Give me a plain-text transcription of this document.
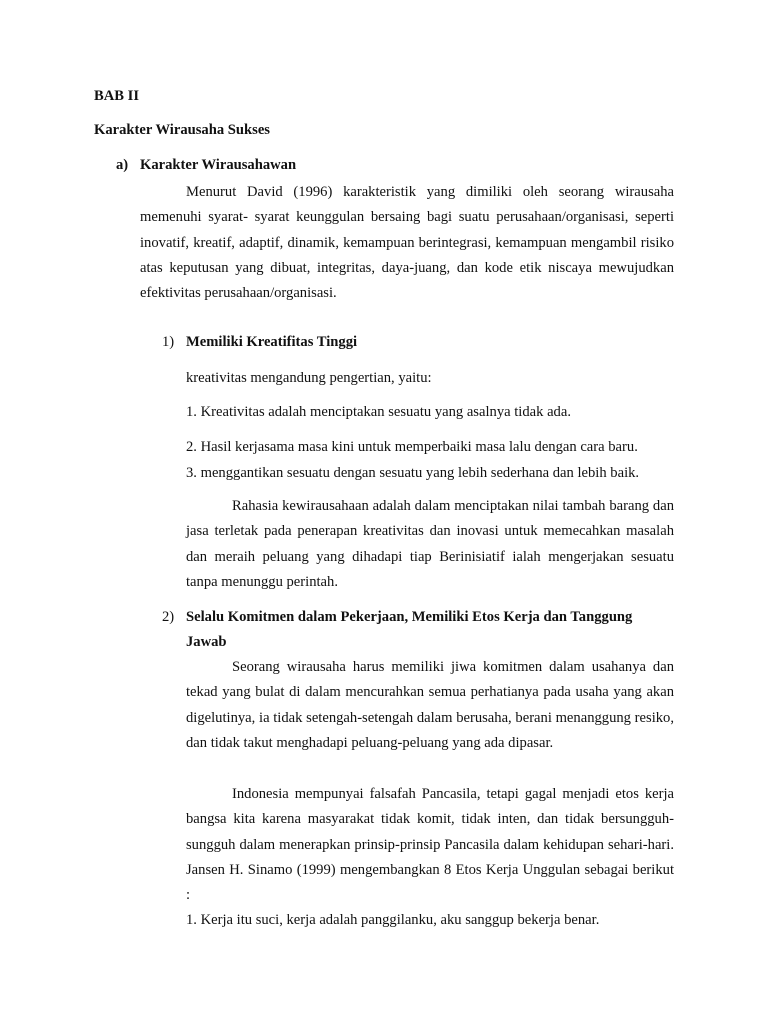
BAB II
Karakter Wirausaha Sukses
a) Karakter Wirausahawan
Menurut David (1996) karakteristik yang dimiliki oleh seorang wirausaha memenuhi syarat- syarat keunggulan bersaing bagi suatu perusahaan/organisasi, seperti inovatif, kreatif, adaptif, dinamik, kemampuan berintegrasi, kemampuan mengambil risiko atas keputusan yang dibuat, integritas, daya-juang, dan kode etik niscaya mewujudkan efektivitas perusahaan/organisasi.
1) Memiliki Kreatifitas Tinggi
kreativitas mengandung pengertian, yaitu:
1. Kreativitas adalah menciptakan sesuatu yang asalnya tidak ada.
2. Hasil kerjasama masa kini untuk memperbaiki masa lalu dengan cara baru.
3. menggantikan sesuatu dengan sesuatu yang lebih sederhana dan lebih baik.
Rahasia kewirausahaan adalah dalam menciptakan nilai tambah barang dan jasa terletak pada penerapan kreativitas dan inovasi untuk memecahkan masalah dan meraih peluang yang dihadapi tiap Berinisiatif ialah mengerjakan sesuatu tanpa menunggu perintah.
2) Selalu Komitmen dalam Pekerjaan, Memiliki Etos Kerja dan Tanggung
Jawab
Seorang wirausaha harus memiliki jiwa komitmen dalam usahanya dan tekad yang bulat di dalam mencurahkan semua perhatianya pada usaha yang akan digelutinya, ia tidak setengah-setengah dalam berusaha, berani menanggung resiko, dan tidak takut menghadapi peluang-peluang yang ada dipasar.
Indonesia mempunyai falsafah Pancasila, tetapi gagal menjadi etos kerja bangsa kita karena masyarakat tidak komit, tidak inten, dan tidak bersungguh-sungguh dalam menerapkan prinsip-prinsip Pancasila dalam kehidupan sehari-hari. Jansen H. Sinamo (1999) mengembangkan 8 Etos Kerja Unggulan sebagai berikut :
1. Kerja itu suci, kerja adalah panggilanku, aku sanggup bekerja benar.
